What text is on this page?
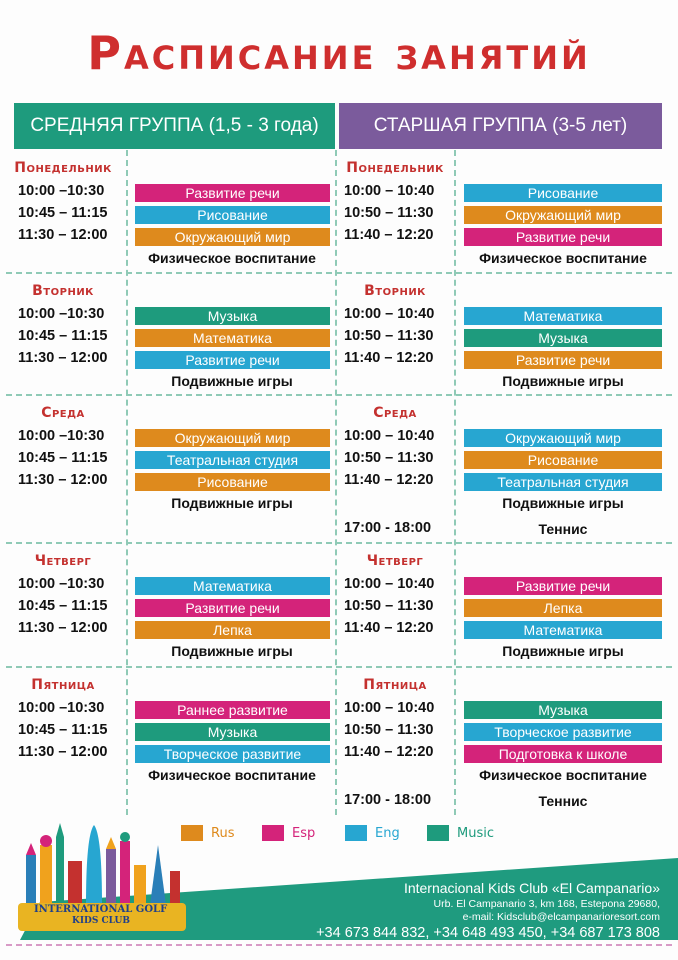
Расписание занятий
СРЕДНЯЯ ГРУППА (1,5 - 3 года)	СТАРШАЯ ГРУППА (3-5 лет)
Понедельник
10:00 –10:30	Развитие речи
10:45 – 11:15	Рисование
11:30 – 12:00	Окружающий мир
Физическое воспитание
Понедельник
10:00 – 10:40	Рисование
10:50 – 11:30	Окружающий мир
11:40 – 12:20	Развитие речи
Физическое воспитание
Вторник
10:00 –10:30	Музыка
10:45 – 11:15	Математика
11:30 – 12:00	Развитие речи
Подвижные игры
Вторник
10:00 – 10:40	Математика
10:50 – 11:30	Музыка
11:40 – 12:20	Развитие речи
Подвижные игры
Среда
10:00 –10:30	Окружающий мир
10:45 – 11:15	Театральная студия
11:30 – 12:00	Рисование
Подвижные игры
Среда
10:00 – 10:40	Окружающий мир
10:50 – 11:30	Рисование
11:40 – 12:20	Театральная студия
Подвижные игры
17:00 - 18:00	Теннис
Четверг
10:00 –10:30	Математика
10:45 – 11:15	Развитие речи
11:30 – 12:00	Лепка
Подвижные игры
Четверг
10:00 – 10:40	Развитие речи
10:50 – 11:30	Лепка
11:40 – 12:20	Математика
Подвижные игры
Пятница
10:00 –10:30	Раннее развитие
10:45 – 11:15	Музыка
11:30 – 12:00	Творческое развитие
Физическое воспитание
Пятница
10:00 – 10:40	Музыка
10:50 – 11:30	Творческое развитие
11:40 – 12:20	Подготовка к школе
Физическое воспитание
17:00 - 18:00	Теннис
Rus	Esp	Eng	Music
INTERNATIONAL GOLF
KIDS CLUB
Internacional Kids Club «El Campanario»
Urb. El Campanario 3, km 168, Estepona 29680,
e-mail: Kidsclub@elcampanarioresort.com
+34 673 844 832, +34 648 493 450, +34 687 173 808
